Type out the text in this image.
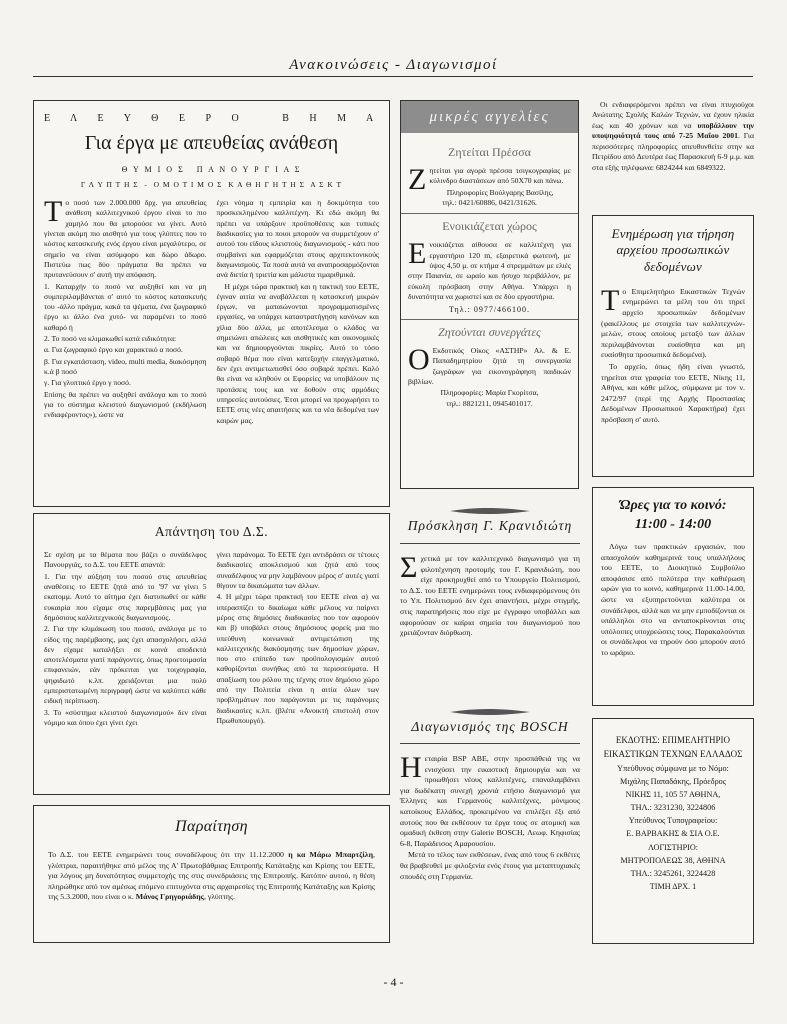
Ανακοινώσεις - Διαγωνισμοί
Ε Λ Ε Υ Θ Ε Ρ Ο   Β Η Μ Α
Για έργα με απευθείας ανάθεση
Θ Υ Μ Ι Ο Σ   Π Α Ν Ο Υ Ρ Γ Ι Α Σ
Γ Λ Υ Π Τ Η Σ  -  Ο Μ Ο Τ Ι Μ Ο Σ  Κ Α Θ Η Γ Η Τ Η Σ  Α Σ Κ Τ

Το ποσό των 2.000.000 δρχ. για απευθείας ανάθεση καλλιτεχνικού έργου είναι το πιο χαμηλό που θα μπορούσε να γίνει. Αυτό γίνεται ακόμη πιο αισθητό για τους γλύπτες που το κόστος κατασκευής ενός έργου είναι μεγαλύτερο, σε σημείο να είναι ασύμφορο και δώρο άδωρο. Πιστεύω πως δύο πράγματα θα πρέπει να πρυτανεύσουν σ' αυτή την απόφαση.

1. Καταρχήν το ποσό να αυξηθεί και να μη συμπεριλαμβάνεται σ' αυτό το κόστος κατασκευής του -άλλο πράγμα, κακά τα ψέματα, ένα ζωγραφικό έργο κι άλλο ένα χυτό- να παραμένει το ποσό καθαρό ή

2. Το ποσό να κλιμακωθεί κατά ειδικότητα:

α. Για ζωγραφικό έργο και χαρακτικό α ποσό.

β. Για εγκατάσταση, video, multi media, διακόσμηση κ.ά β ποσό

γ. Για γλυπτικό έργο γ ποσό.

Επίσης θα πρέπει να αυξηθεί ανάλογα και το ποσό για το σύστημα κλειστού διαγωνισμού (εκδήλωση ενδιαφέροντος»), ώστε να

έχει νόημα η εμπειρία και η δοκιμότητα του προσκεκλημένου καλλιτέχνη. Κι εδώ ακόμη θα πρέπει να υπάρξουν προϋποθέσεις και τυπικές διαδικασίες για το ποιοι μπορούν να συμμετέχουν σ' αυτού του είδους κλειστούς διαγωνισμούς - κάτι που συμβαίνει και εφαρμόζεται στους αρχιτεκτονικούς διαγωνισμούς. Τα ποσά αυτά να αναπροσαρμόζονται ανά διετία ή τριετία και μάλιστα τιμαριθμικά.

Η μέχρι τώρα πρακτική και η τακτική του ΕΕΤΕ, έγιναν αιτία να αναβάλλεται η κατασκευή μικρών έργων, να ματαιώνονται προγραμματισμένες εργασίες, να υπάρχει καταστρατήγηση κανόνων και χίλια δύο άλλα, με αποτέλεσμα ο κλάδος να σημειώνει απώλειες και αισθητικές και οικονομικές και να δημιουργούνται πικρίες. Αυτό το τόσο σοβαρό θέμα που είναι κατεξοχήν επαγγελματικό, δεν έχει αντιμετωπισθεί όσο σοβαρά πρέπει. Καλό θα είναι να κληθούν οι Εφορείες να υποβάλουν τις προτάσεις τους και να δοθούν στις αρμόδιες υπηρεσίες αυτούσιες. Έτσι μπορεί να προχωρήσει το ΕΕΤΕ στις νέες απαιτήσεις και τα νέα δεδομένα των καιρών μας.

Απάντηση του Δ.Σ.

Σε σχέση με τα θέματα που βάζει ο συνάδελφος Πανουργιάς, το Δ.Σ. του ΕΕΤΕ απαντά:

1. Για την αύξηση του ποσού στις απευθείας αναθέσεις το ΕΕΤΕ ζητά από το '97 να γίνει 5 εκατομμ. Αυτό το αίτημα έχει διατυπωθεί σε κάθε ευκαιρία που είχαμε στις παρεμβάσεις μας για δημόσιους καλλιτεχνικούς διαγωνισμούς.

2. Για την κλιμάκωση του ποσού, ανάλογα με το είδος της παρέμβασης, μας έχει απασχολήσει, αλλά δεν είχαμε καταλήξει σε κοινά αποδεκτά αποτελέσματα γιατί παράγοντες, όπως προετοιμασία επιφανειών, εάν πρόκειται για τοιχογραφία, ψηφιδωτό κ.λπ. χρειάζονται μια πολύ εμπεριστατωμένη περιγραφή ώστε να καλύπτει κάθε ειδική περίπτωση.

3. Το «σύστημα κλειστού διαγωνισμού» δεν είναι νόμιμο και όπου έχει γίνει έχει

γίνει παράνομα. Το ΕΕΤΕ έχει αντιδράσει σε τέτοιες διαδικασίες αποκλεισμού και ζητά από τους συναδέλφους να μην λαμβάνουν μέρος σ' αυτές γιατί θίγουν τα δικαιώματα των άλλων.

4. Η μέχρι τώρα πρακτική του ΕΕΤΕ είναι α) να υπερασπίζει το δικαίωμα κάθε μέλους να παίρνει μέρος στις δημόσιες διαδικασίες που τον αφορούν και β) υποβάλει στους δημόσιους φορείς μια πιο υπεύθυνη κοινωνικά αντιμετώπιση της καλλιτεχνικής διακόσμησης των δημοσίων χώρων, που στο επίπεδο των προϋπολογισμών αυτού καθορίζονται συνήθως από τα περισσεύματα. Η απαξίωση του ρόλου της τέχνης στον δημόσιο χώρο από την Πολιτεία είναι η αιτία όλων των προβλημάτων που παράγονται με τις παράνομες διαδικασίες κ.λπ. (βλέπε «Ανοικτή επιστολή στον Πρωθυπουργό).

Παραίτηση

Το Δ.Σ. του ΕΕΤΕ ενημερώνει τους συναδέλφους ότι την 11.12.2000 η κα Μάρω Μπαρτζίλη, γλύπτρια, παραιτήθηκε από μέλος της Α' Πρωτοβάθμιας Επιτροπής Κατάταξης και Κρίσης του ΕΕΤΕ, για λόγους μη δυνατότητας συμμετοχής της στις συνεδριάσεις της Επιτροπής. Κατόπιν αυτού, η θέση πληρώθηκε από τον αμέσως επόμενο επιτυχόντα στις αρχαιρεσίες της Επιτροπής Κατάταξης και Κρίσης της 5.3.2000, που είναι ο κ. Μάνος Γρηγοριάδης, γλύπτης.

μικρές αγγελίες
Ζητείται Πρέσσα

Ζητείται για αγορά πρέσσα τσιγκογραφίας με κύλινδρο διαστάσεων από 50Χ70 και πάνω.

Πληροφορίες Βούλγαρης Βασίλης,
τηλ.: 0421/60886, 0421/31626.
Ενοικιάζεται χώρος

Ενοικιάζεται αίθουσα σε καλλιτέχνη για εργαστήριο 120 m, εξαιρετικά φωτεινή, με ύψος 4,50 μ. σε κτήμα 4 στρεμμάτων με ελιές στην Παιανία, σε ωραίο και ήσυχο περιβάλλον, με εύκολη πρόσβαση στην Αθήνα. Υπάρχει η δυνατότητα να χωριστεί και σε δύο εργαστήρια.

Τηλ.: 0977/466100.
Ζητούνται συνεργάτες

Ο Εκδοτικός Οίκος «ΑΣΤΗΡ» Αλ. & Ε. Παπαδημητρίου ζητά τη συνεργασία ζωγράφων για εικονογράφηση παιδικών βιβλίων.

Πληροφορίες: Μαρία Γκορίτσα,
τηλ.: 8821211, 0945401017.
Πρόσκληση Γ. Κρανιδιώτη

Σχετικά με τον καλλιτεχνικό διαγωνισμό για τη φιλοτέχνηση προτομής του Γ. Κρανιδιώτη, που είχε προκηρυχθεί από το Υπουργείο Πολιτισμού, το Δ.Σ. του ΕΕΤΕ ενημερώνει τους ενδιαφερόμενους ότι το Υπ. Πολιτισμού δεν έχει απαντήσει, μέχρι στιγμής, στις παρατηρήσεις που είχε με έγγραφο υποβάλλει και αφορούσαν σε καίρια σημεία του διαγωνισμού που χρειάζονταν διόρθωση.

Διαγωνισμός της BOSCH

Ηεταιρία BSP ABE, στην προσπάθειά της να ενισχύσει την εικαστική δημιουργία και να προωθήσει νέους καλλιτέχνες, επαναλαμβάνει για δωδέκατη συνεχή χρονιά ετήσιο διαγωνισμό για Έλληνες και Γερμανούς καλλιτέχνες, μόνιμους κατοίκους Ελλάδος, προκειμένου να επιλέξει έξι από αυτούς που θα εκθέσουν τα έργα τους σε ατομική και ομαδική έκθεση στην Galerie BOSCH, Λεωφ. Κηφισίας 6-8, Παράδεισος Αμαρουσίου.

Μετά το τέλος των εκθέσεων, ένας από τους 6 εκθέτες θα βραβευθεί με φιλοξενία ενός έτους για μεταπτυχιακές σπουδές στη Γερμανία.

Οι ενδιαφερόμενοι πρέπει να είναι πτυχιούχοι Ανώτατης Σχολής Καλών Τεχνών, να έχουν ηλικία έως και 40 χρόνων και να υποβάλλουν την υποψηφιότητά τους από 7-25 Μαΐου 2001. Για περισσότερες πληροφορίες απευθυνθείτε στην κα Πετρίδου από Δευτέρα έως Παρασκευή 6-9 μ.μ. και στα εξής τηλέφωνα: 6824244 και 6849322.

Ενημέρωση για τήρηση αρχείου προσωπικών δεδομένων

Το Επιμελητήριο Εικαστικών Τεχνών ενημερώνει τα μέλη του ότι τηρεί αρχείο προσωπικών δεδομένων (φακέλλους με στοιχεία των καλλιτεχνών-μελών, στους οποίους μεταξύ των άλλων περιλαμβάνονται ευαίσθητα και μη ευαίσθητα προσωπικά δεδομένα).

Το αρχείο, όπως ήδη είναι γνωστό, τηρείται στα γραφεία του ΕΕΤΕ, Νίκης 11, Αθήνα, και κάθε μέλος, σύμφωνα με τον ν. 2472/97 (περί της Αρχής Προστασίας Δεδομένων Προσωπικού Χαρακτήρα) έχει πρόσβαση σ' αυτό.

Ώρες για το κοινό:
11:00 - 14:00

Λόγω των πρακτικών εργασιών, που απασχολούν καθημερινά τους υπαλλήλους του ΕΕΤΕ, το Διοικητικό Συμβούλιο αποφάσισε από πολύτερα την καθιέρωση ωρών για το κοινό, καθημερινά 11.00-14.00, ώστε να εξυπηρετούνται καλύτερα οι συνάδελφοι, αλλά και να μην εμποδίζονται οι υπάλληλοι στο να ανταποκρίνονται στις υπόλοιπες υποχρεώσεις τους. Παρακαλούνται οι συνάδελφοι να τηρούν όσο μπορούν αυτό το ωράριο.

ΕΚΔΟΤΗΣ: ΕΠΙΜΕΛΗΤΗΡΙΟ
ΕΙΚΑΣΤΙΚΩΝ ΤΕΧΝΩΝ ΕΛΛΑΔΟΣ
Υπεύθυνος σύμφωνα με το Νόμο:
Μιχάλης Παπαδάκης, Πρόεδρος
ΝΙΚΗΣ 11, 105 57 ΑΘΗΝΑ,
ΤΗΛ.: 3231230, 3224806
Υπεύθυνος Τυπογραφείου:
Ε. ΒΑΡΒΑΚΗΣ & ΣΙΑ Ο.Ε.
ΛΟΓΙΣΤΗΡΙΟ:
ΜΗΤΡΟΠΟΛΕΩΣ 38, ΑΘΗΝΑ
ΤΗΛ.: 3245261, 3224428
ΤΙΜΗ ΔΡΧ. 1
- 4 -
